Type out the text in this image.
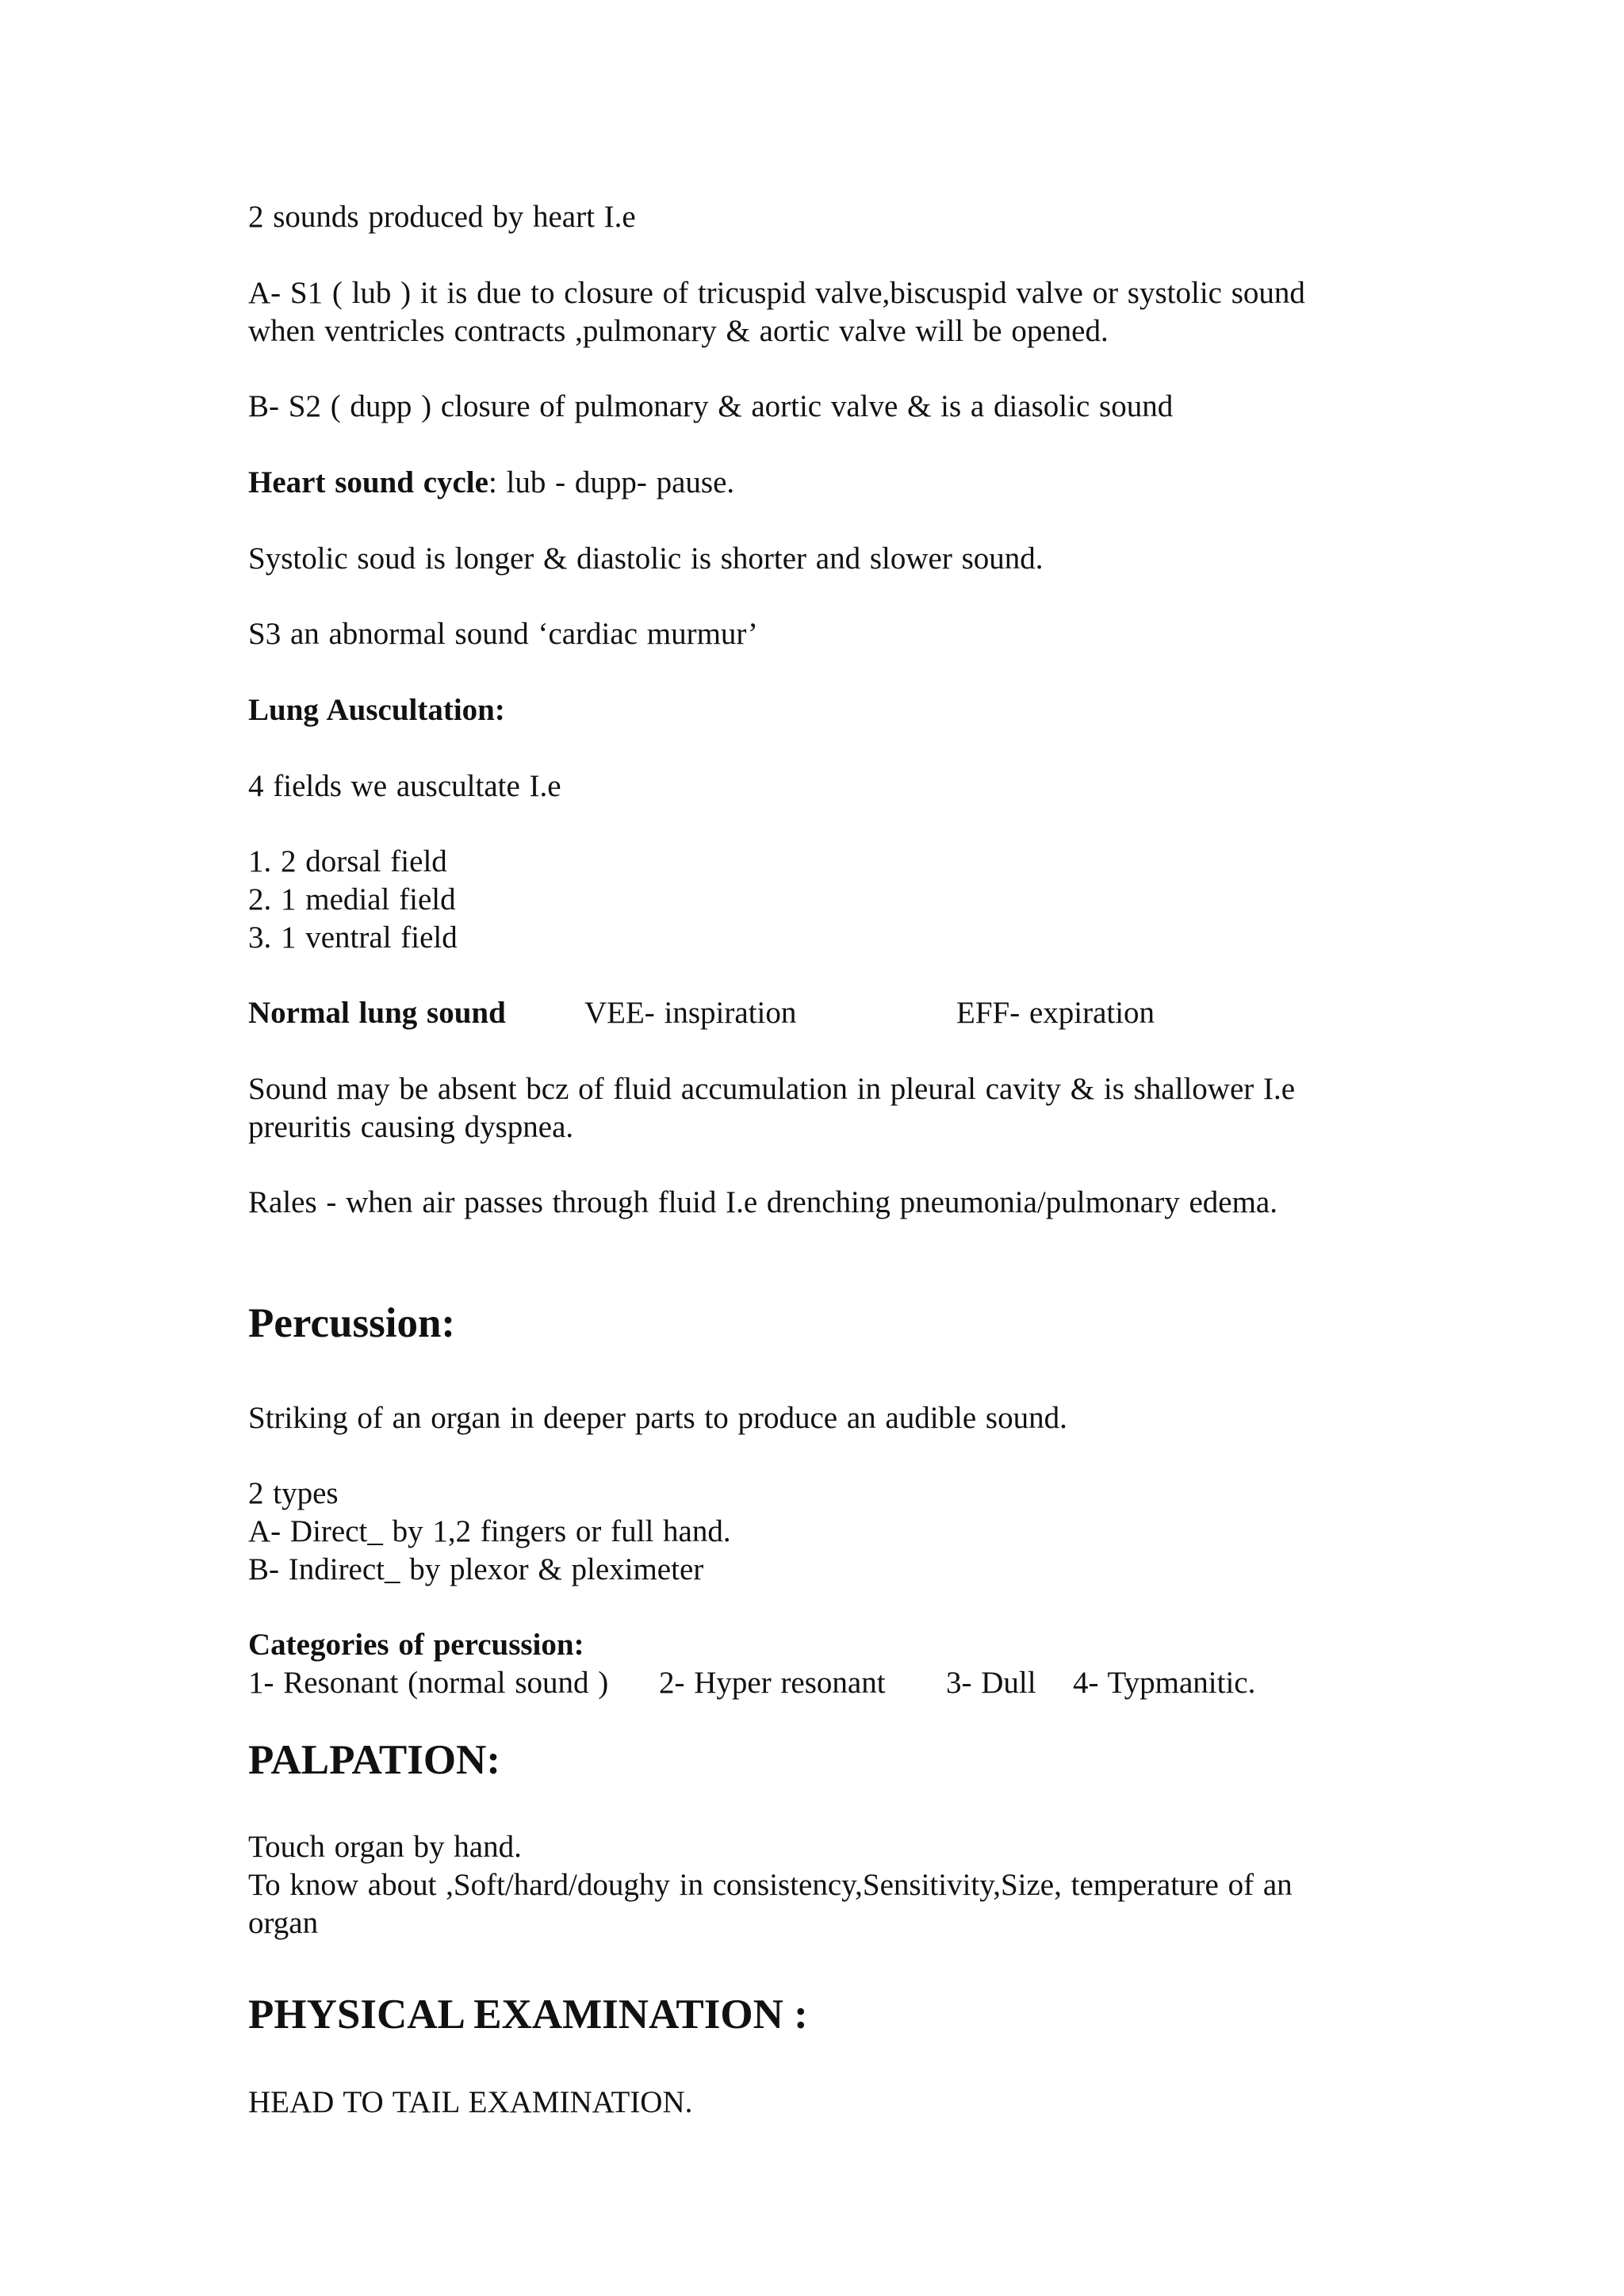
2 sounds produced by heart I.e
A- S1 ( lub ) it is due to closure of tricuspid valve,biscuspid valve or systolic sound
when ventricles contracts ,pulmonary & aortic valve will be opened.
B- S2 ( dupp ) closure of pulmonary & aortic valve & is a diasolic sound
Heart sound cycle: lub - dupp- pause.
Systolic soud is longer & diastolic is shorter and slower sound.
S3 an abnormal sound ‘cardiac murmur’
Lung Auscultation:
4 fields we auscultate I.e
1. 2 dorsal field
2. 1 medial field
3. 1 ventral field
Normal lung sound	VEE- inspiration	EFF- expiration
Sound may be absent bcz of fluid accumulation in pleural cavity & is shallower I.e
preuritis causing dyspnea.
Rales - when air passes through fluid I.e drenching pneumonia/pulmonary edema.
Percussion:
Striking of an organ in deeper parts to produce an audible sound.
2 types
A- Direct_ by 1,2 fingers or full hand.
B- Indirect_ by plexor & pleximeter
Categories of percussion:
1- Resonant (normal sound ) 2- Hyper resonant 3- Dull 4- Typmanitic.
PALPATION:
Touch organ by hand.
To know about ,Soft/hard/doughy in consistency,Sensitivity,Size, temperature of an
organ
PHYSICAL EXAMINATION :
HEAD TO TAIL EXAMINATION.
